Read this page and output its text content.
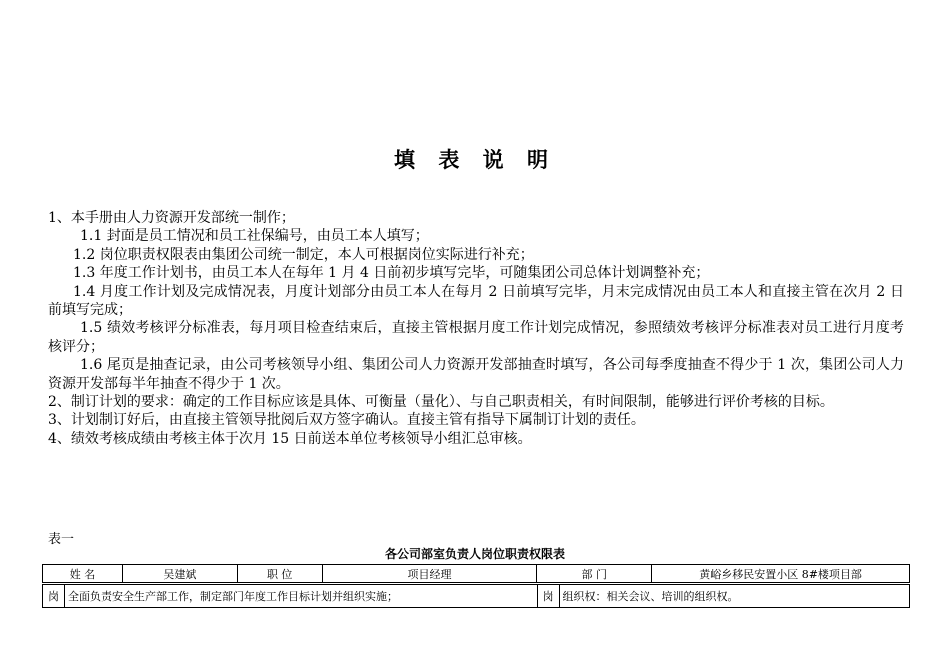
填 表 说 明

1、本手册由人力资源开发部统一制作；

1.1 封面是员工情况和员工社保编号，由员工本人填写；

1.2 岗位职责权限表由集团公司统一制定，本人可根据岗位实际进行补充；

1.3 年度工作计划书，由员工本人在每年 1 月 4 日前初步填写完毕，可随集团公司总体计划调整补充；

1.4 月度工作计划及完成情况表，月度计划部分由员工本人在每月 2 日前填写完毕，月末完成情况由员工本人和直接主管在次月 2 日前填写完成；

1.5 绩效考核评分标准表，每月项目检查结束后，直接主管根据月度工作计划完成情况，参照绩效考核评分标准表对员工进行月度考核评分；

1.6 尾页是抽查记录，由公司考核领导小组、集团公司人力资源开发部抽查时填写，各公司每季度抽查不得少于 1 次，集团公司人力资源开发部每半年抽查不得少于 1 次。

2、制订计划的要求：确定的工作目标应该是具体、可衡量（量化）、与自己职责相关，有时间限制，能够进行评价考核的目标。

3、计划制订好后，由直接主管领导批阅后双方签字确认。直接主管有指导下属制订计划的责任。

4、绩效考核成绩由考核主体于次月 15 日前送本单位考核领导小组汇总审核。

表一
各公司部室负责人岗位职责权限表
姓 名	吴建斌	职 位	项目经理	部 门	黄峪乡移民安置小区 8#楼项目部
岗	全面负责安全生产部工作，制定部门年度工作目标计划并组织实施；	岗	组织权：相关会议、培训的组织权。
